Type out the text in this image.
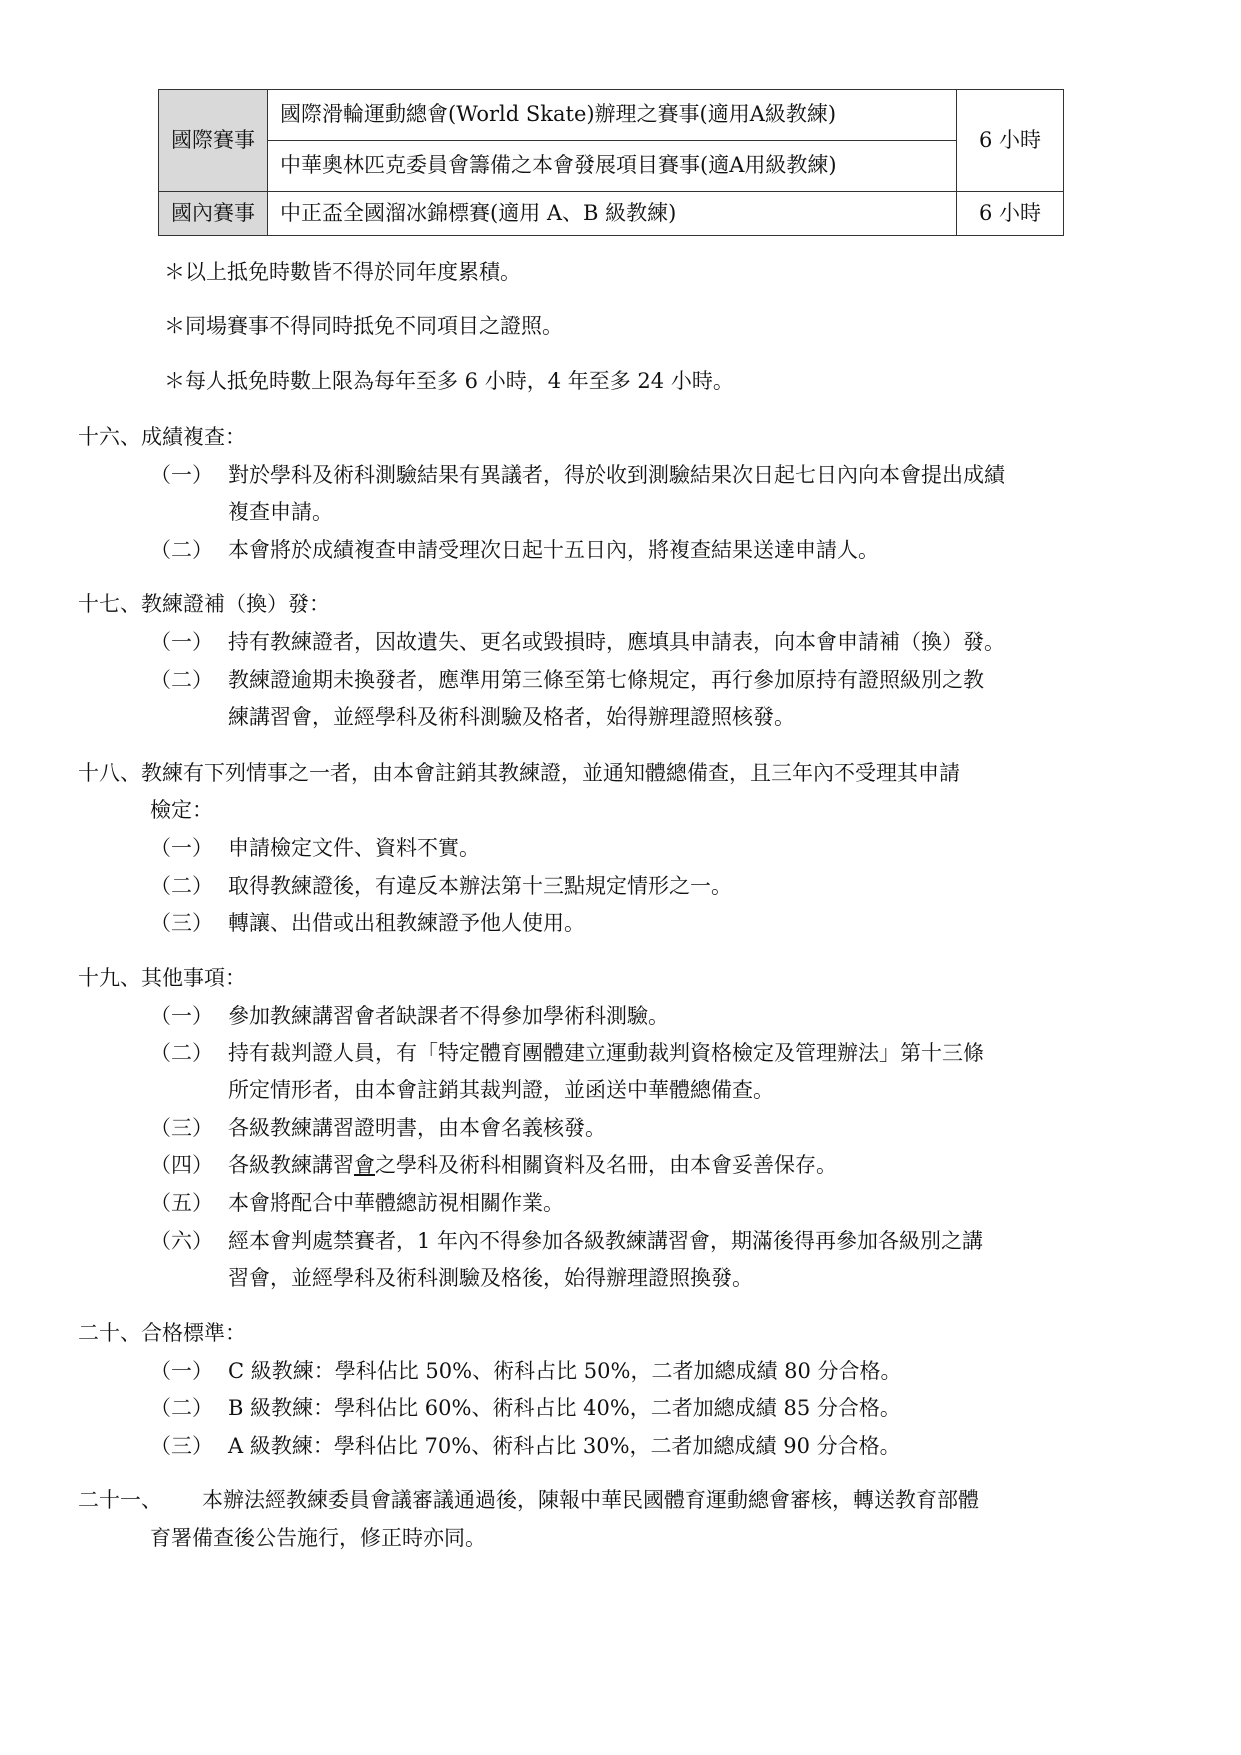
國際賽事	國際滑輪運動總會(World Skate)辦理之賽事(適用A級教練)	6 小時
	中華奧林匹克委員會籌備之本會發展項目賽事(適A用級教練)	
國內賽事	中正盃全國溜冰錦標賽(適用 A、B 級教練)	6 小時
＊以上抵免時數皆不得於同年度累積。
＊同場賽事不得同時抵免不同項目之證照。
＊每人抵免時數上限為每年至多 6 小時，4 年至多 24 小時。
十六、成績複查：
（一） 對於學科及術科測驗結果有異議者，得於收到測驗結果次日起七日內向本會提出成績
複查申請。
（二） 本會將於成績複查申請受理次日起十五日內，將複查結果送達申請人。
十七、教練證補（換）發：
（一） 持有教練證者，因故遺失、更名或毀損時，應填具申請表，向本會申請補（換）發。
（二） 教練證逾期未換發者，應準用第三條至第七條規定，再行參加原持有證照級別之教
練講習會，並經學科及術科測驗及格者，始得辦理證照核發。
十八、教練有下列情事之一者，由本會註銷其教練證，並通知體總備查，且三年內不受理其申請
檢定：
（一） 申請檢定文件、資料不實。
（二） 取得教練證後，有違反本辦法第十三點規定情形之一。
（三） 轉讓、出借或出租教練證予他人使用。
十九、其他事項：
（一） 參加教練講習會者缺課者不得參加學術科測驗。
（二） 持有裁判證人員，有「特定體育團體建立運動裁判資格檢定及管理辦法」第十三條
所定情形者，由本會註銷其裁判證，並函送中華體總備查。
（三） 各級教練講習證明書，由本會名義核發。
（四） 各級教練講習會之學科及術科相關資料及名冊，由本會妥善保存。
（五） 本會將配合中華體總訪視相關作業。
（六） 經本會判處禁賽者，1 年內不得參加各級教練講習會，期滿後得再參加各級別之講
習會，並經學科及術科測驗及格後，始得辦理證照換發。
二十、合格標準：
（一） C 級教練：學科佔比 50%、術科占比 50%，二者加總成績 80 分合格。
（二） B 級教練：學科佔比 60%、術科占比 40%，二者加總成績 85 分合格。
（三） A 級教練：學科佔比 70%、術科占比 30%，二者加總成績 90 分合格。
二十一、 本辦法經教練委員會議審議通過後，陳報中華民國體育運動總會審核，轉送教育部體
育署備查後公告施行，修正時亦同。
